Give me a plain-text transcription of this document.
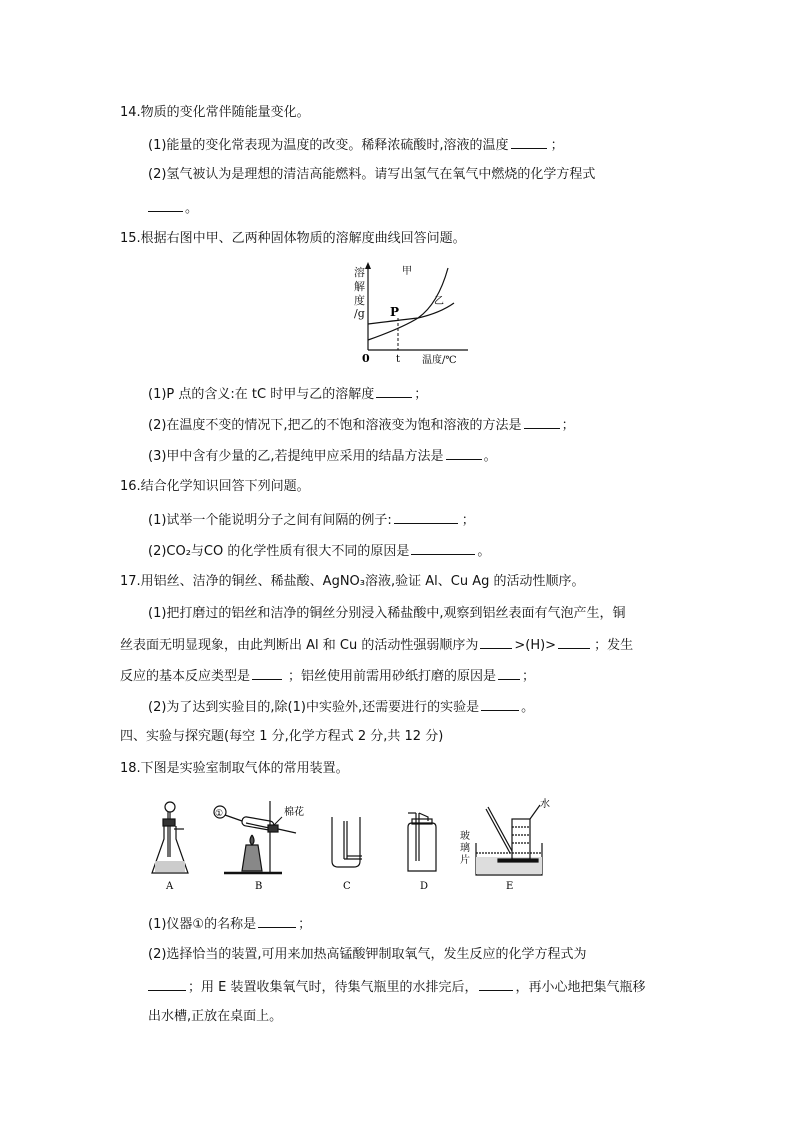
14.物质的变化常伴随能量变化。
(1)能量的变化常表现为温度的改变。稀释浓硫酸时,溶液的温度	；
(2)氢气被认为是理想的清洁高能燃料。请写出氢气在氧气中燃烧的化学方程式
。
15.根据右图中甲、乙两种固体物质的溶解度曲线回答问题。
溶
解
度
/g
甲
乙
P
0	t 温度/℃
(1)P 点的含义:在 tC 时甲与乙的溶解度	；
(2)在温度不变的情况下,把乙的不饱和溶液变为饱和溶液的方法是	；
(3)甲中含有少量的乙,若提纯甲应采用的结晶方法是	。
16.结合化学知识回答下列问题。
(1)试举一个能说明分子之间有间隔的例子:	；
(2)CO₂与CO 的化学性质有很大不同的原因是	。
17.用铝丝、洁净的铜丝、稀盐酸、AgNO₃溶液,验证 Al、Cu Ag 的活动性顺序。
(1)把打磨过的铝丝和洁净的铜丝分别浸入稀盐酸中,观察到铝丝表面有气泡产生，铜
丝表面无明显现象，由此判断出 Al 和 Cu 的活动性强弱顺序为	>(H)>	；发生
反应的基本反应类型是	；铝丝使用前需用砂纸打磨的原因是 ；
(2)为了达到实验目的,除(1)中实验外,还需要进行的实验是	。
四、实验与探究题(每空 1 分,化学方程式 2 分,共 12 分)
18.下图是实验室制取气体的常用装置。
A
①	棉花
B	C	D
水
玻
璃
片
E
(1)仪器①的名称是	；
(2)选择恰当的装置,可用来加热高锰酸钾制取氧气，发生反应的化学方程式为
；用 E 装置收集氧气时，待集气瓶里的水排完后，	，再小心地把集气瓶移
出水槽,正放在桌面上。
